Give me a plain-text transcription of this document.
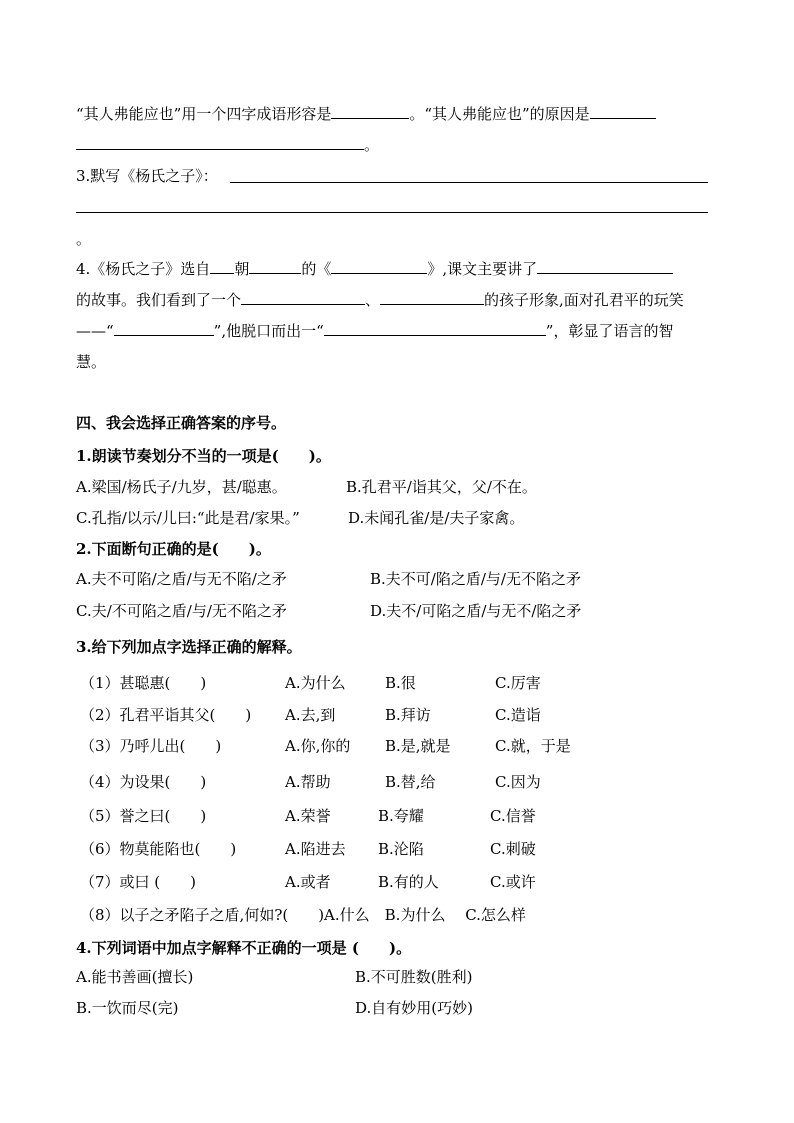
“其人弗能应也”用一个四字成语形容是	。“其人弗能应也”的原因是
。
3.默写《杨氏之子》：
。
4.《杨氏之子》选自 朝	的《	》,课文主要讲了
的故事。我们看到了一个	、	的孩子形象,面对孔君平的玩笑
——“	”,他脱口而出一“	”，彰显了语言的智
慧。
四、我会选择正确答案的序号。
1.朗读节奏划分不当的一项是(　　)。
A.梁国/杨氏子/九岁，甚/聪惠。	B.孔君平/诣其父，父/不在。
C.孔指/以示/儿曰:“此是君/家果。”	D.未闻孔雀/是/夫子家禽。
2.下面断句正确的是(　　)。
A.夫不可陷/之盾/与无不陷/之矛	B.夫不可/陷之盾/与/无不陷之矛
C.夫/不可陷之盾/与/无不陷之矛	D.夫不/可陷之盾/与无不/陷之矛
3.给下列加点字选择正确的解释。
（1）甚聪惠(　　)	A.为什么	B.很	C.厉害
（2）孔君平诣其父(　　) A.去,到	B.拜访	C.造诣
（3）乃呼儿出(　　)	A.你,你的 B.是,就是	C.就，于是
（4）为设果(　　)	A.帮助	B.替,给	C.因为
（5）誉之曰(　　)	A.荣誉	B.夸耀	C.信誉
（6）物莫能陷也(　　)	A.陷进去 B.沦陷	C.刺破
（7）或曰 (　　)	A.或者	B.有的人	C.或许
（8）以子之矛陷子之盾,何如?(　　)A.什么　B.为什么　 C.怎么样
4.下列词语中加点字解释不正确的一项是 (　　)。
A.能书善画(擅长)	B.不可胜数(胜利)
B.一饮而尽(完)	D.自有妙用(巧妙)
